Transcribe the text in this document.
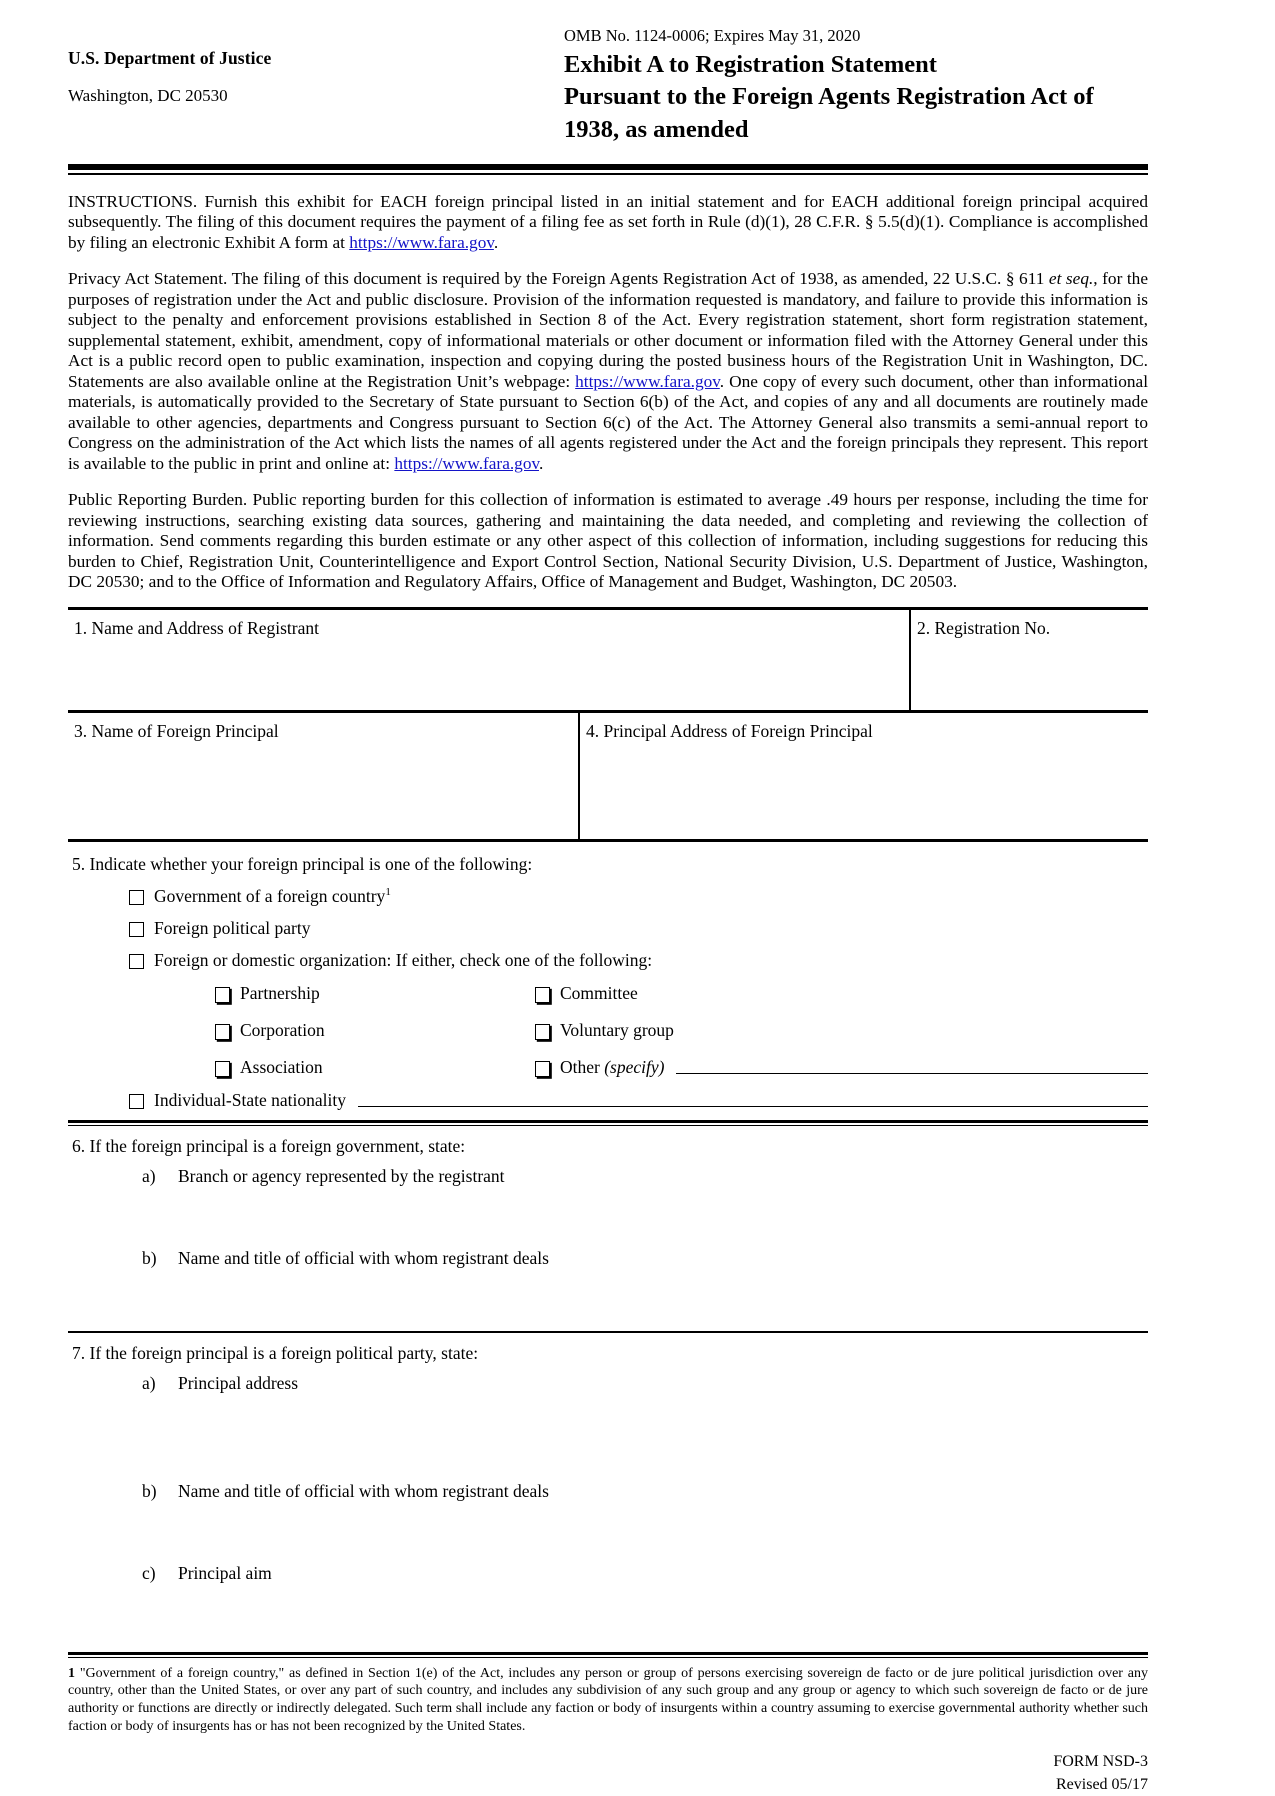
U.S. Department of Justice
Washington, DC 20530
OMB No. 1124-0006; Expires May 31, 2020
Exhibit A to Registration Statement
Pursuant to the Foreign Agents Registration Act of
1938, as amended

INSTRUCTIONS. Furnish this exhibit for EACH foreign principal listed in an initial statement and for EACH additional foreign principal acquired subsequently. The filing of this document requires the payment of a filing fee as set forth in Rule (d)(1), 28 C.F.R. § 5.5(d)(1). Compliance is accomplished by filing an electronic Exhibit A form at https://www.fara.gov.

Privacy Act Statement. The filing of this document is required by the Foreign Agents Registration Act of 1938, as amended, 22 U.S.C. § 611 et seq., for the purposes of registration under the Act and public disclosure. Provision of the information requested is mandatory, and failure to provide this information is subject to the penalty and enforcement provisions established in Section 8 of the Act. Every registration statement, short form registration statement, supplemental statement, exhibit, amendment, copy of informational materials or other document or information filed with the Attorney General under this Act is a public record open to public examination, inspection and copying during the posted business hours of the Registration Unit in Washington, DC. Statements are also available online at the Registration Unit’s webpage: https://www.fara.gov. One copy of every such document, other than informational materials, is automatically provided to the Secretary of State pursuant to Section 6(b) of the Act, and copies of any and all documents are routinely made available to other agencies, departments and Congress pursuant to Section 6(c) of the Act. The Attorney General also transmits a semi-annual report to Congress on the administration of the Act which lists the names of all agents registered under the Act and the foreign principals they represent. This report is available to the public in print and online at: https://www.fara.gov.

Public Reporting Burden. Public reporting burden for this collection of information is estimated to average .49 hours per response, including the time for reviewing instructions, searching existing data sources, gathering and maintaining the data needed, and completing and reviewing the collection of information. Send comments regarding this burden estimate or any other aspect of this collection of information, including suggestions for reducing this burden to Chief, Registration Unit, Counterintelligence and Export Control Section, National Security Division, U.S. Department of Justice, Washington, DC 20530; and to the Office of Information and Regulatory Affairs, Office of Management and Budget, Washington, DC 20503.

1. Name and Address of Registrant	2. Registration No.
3. Name of Foreign Principal	4. Principal Address of Foreign Principal
5. Indicate whether your foreign principal is one of the following:
Government of a foreign country$^1$
Foreign political party
Foreign or domestic organization: If either, check one of the following:
Partnership
Corporation
Association
Committee
Voluntary group
Other (specify)
Individual-State nationality
6. If the foreign principal is a foreign government, state:
a)	Branch or agency represented by the registrant
b)	Name and title of official with whom registrant deals
7. If the foreign principal is a foreign political party, state:
a)	Principal address
b)	Name and title of official with whom registrant deals
c)	Principal aim
1 "Government of a foreign country," as defined in Section 1(e) of the Act, includes any person or group of persons exercising sovereign de facto or de jure political jurisdiction over any country, other than the United States, or over any part of such country, and includes any subdivision of any such group and any group or agency to which such sovereign de facto or de jure authority or functions are directly or indirectly delegated. Such term shall include any faction or body of insurgents within a country assuming to exercise governmental authority whether such faction or body of insurgents has or has not been recognized by the United States.
FORM NSD-3
Revised 05/17
